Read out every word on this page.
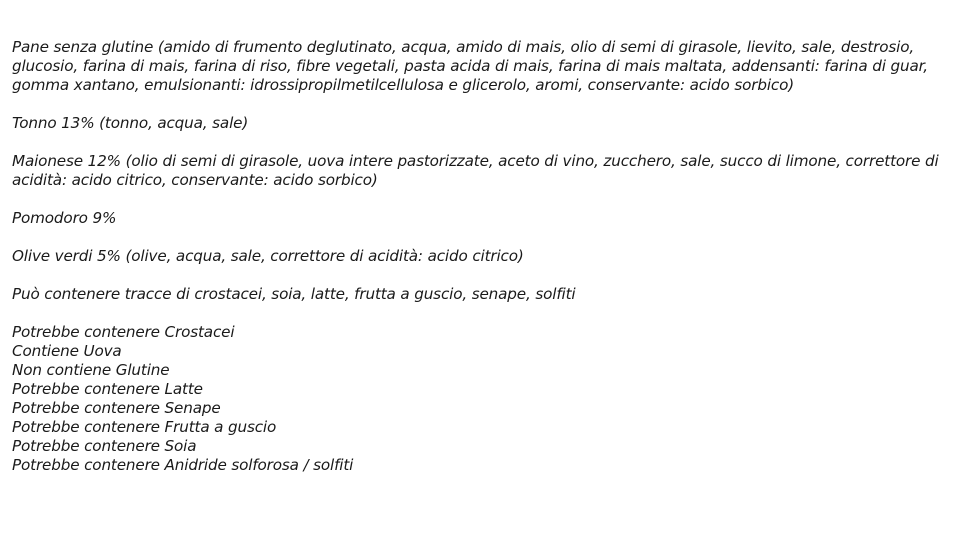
Pane senza glutine (amido di frumento deglutinato, acqua, amido di mais, olio di semi di girasole, lievito, sale, destrosio, glucosio, farina di mais, farina di riso, fibre vegetali, pasta acida di mais, farina di mais maltata, addensanti: farina di guar, gomma xantano, emulsionanti: idrossipropilmetilcellulosa e glicerolo, aromi, conservante: acido sorbico)

Tonno 13% (tonno, acqua, sale)

Maionese 12% (olio di semi di girasole, uova intere pastorizzate, aceto di vino, zucchero, sale, succo di limone, correttore di acidità: acido citrico, conservante: acido sorbico)

Pomodoro 9%

Olive verdi 5% (olive, acqua, sale, correttore di acidità: acido citrico)

Può contenere tracce di crostacei, soia, latte, frutta a guscio, senape, solfiti

Potrebbe contenere Crostacei
Contiene Uova
Non contiene Glutine
Potrebbe contenere Latte
Potrebbe contenere Senape
Potrebbe contenere Frutta a guscio
Potrebbe contenere Soia
Potrebbe contenere Anidride solforosa / solfiti
